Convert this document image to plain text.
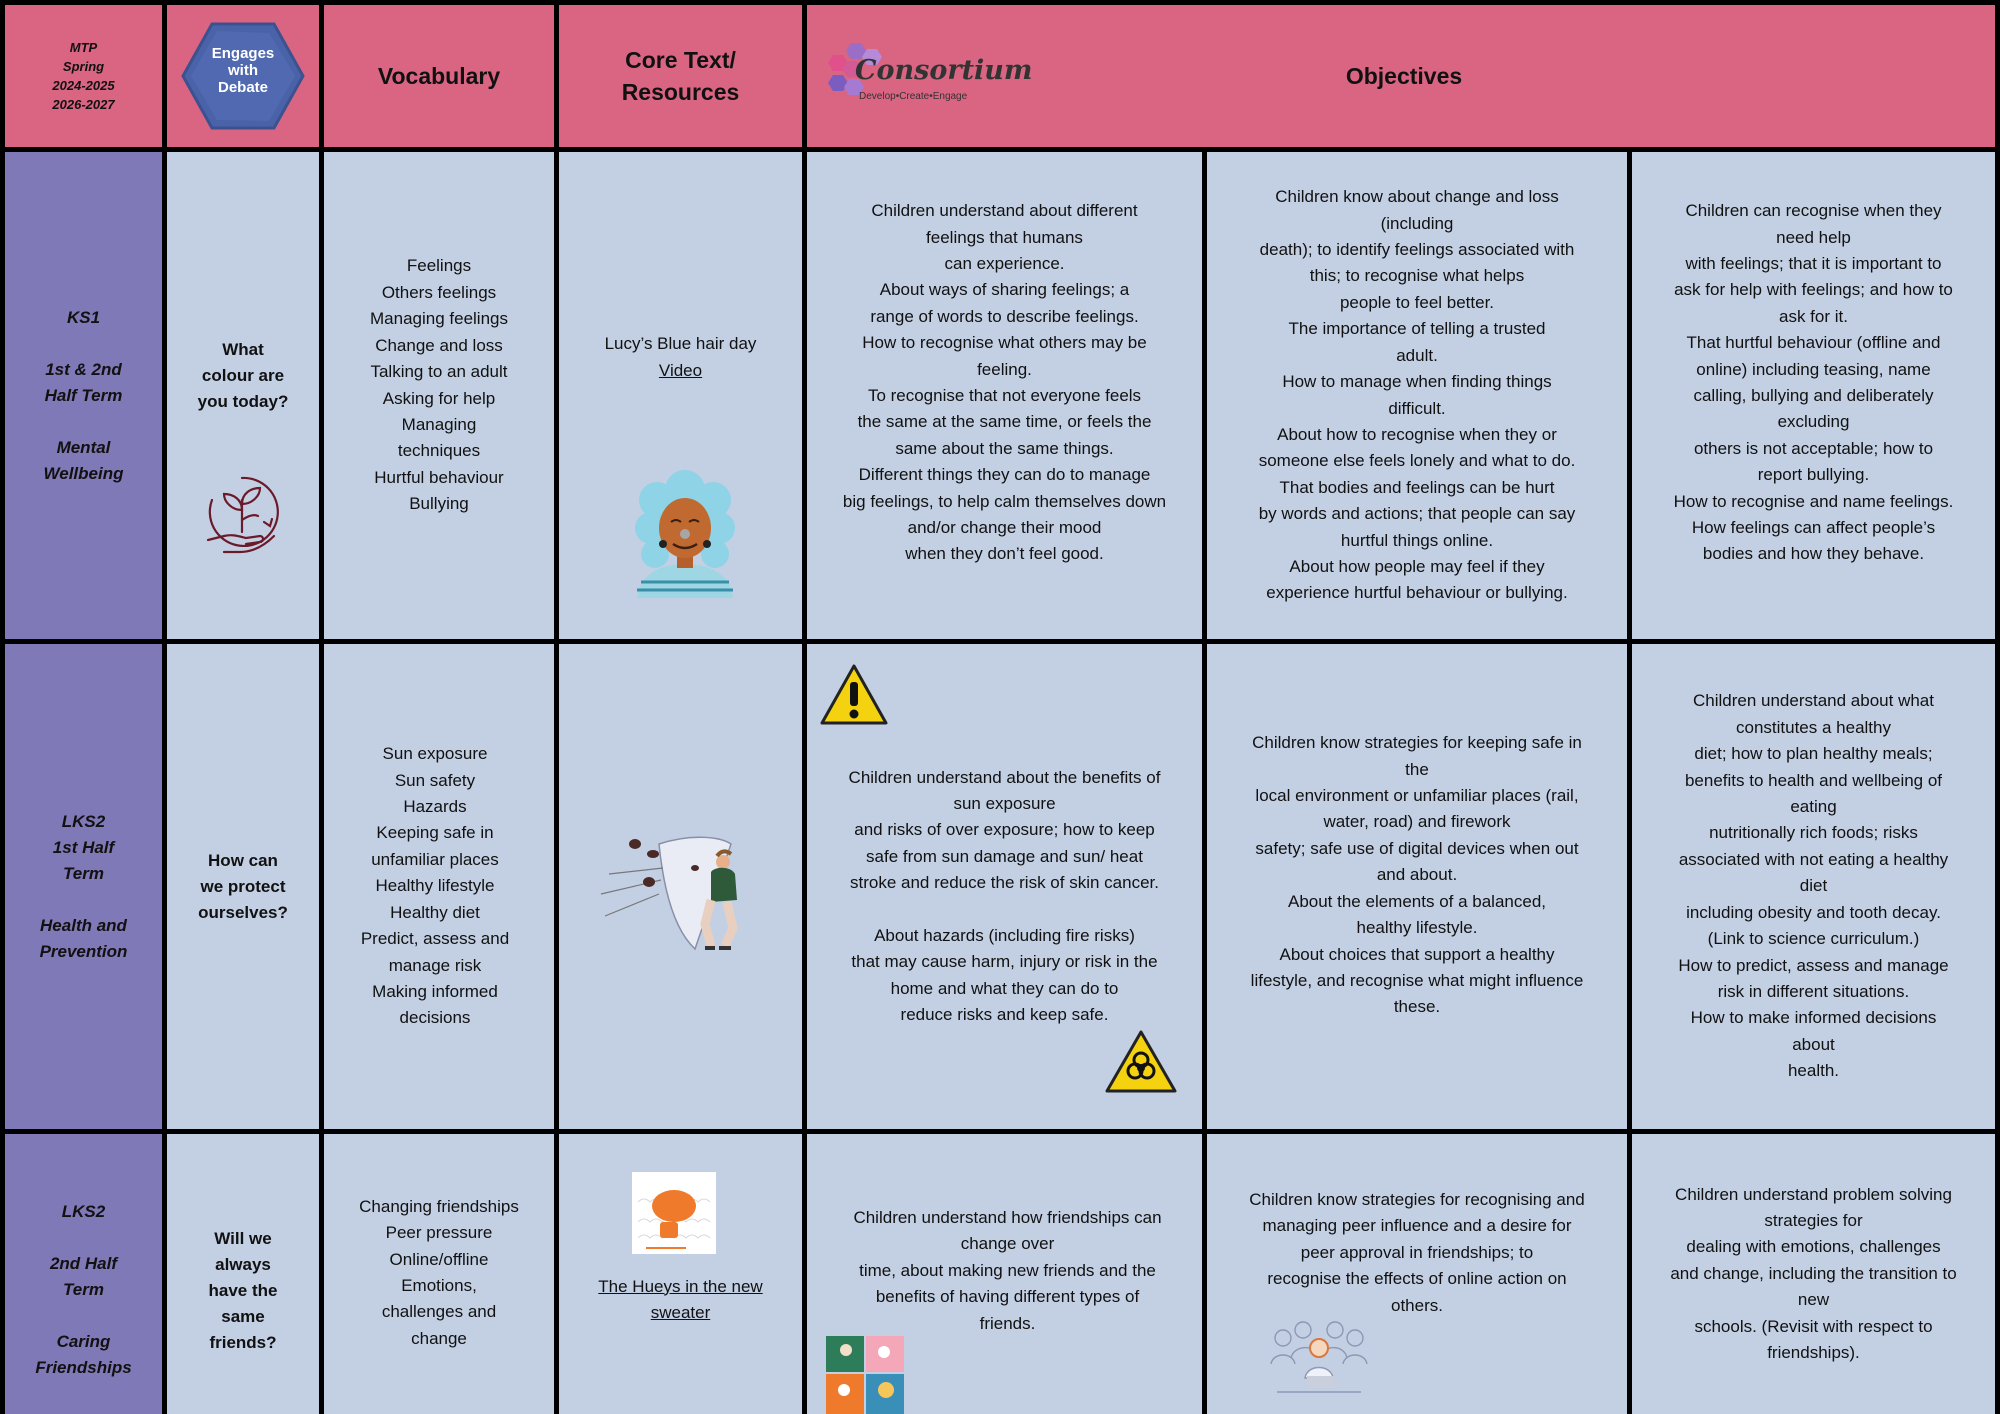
MTP
Spring
2024-2025
2026-2027
Engages
with
Debate	Vocabulary
Core Text/
Resources
Objectives
Consortium
Develop•Create•Engage
KS1
1st & 2nd
Half Term
Mental
Wellbeing
What
colour are
you today?
Feelings
Others feelings
Managing feelings
Change and loss
Talking to an adult
Asking for help
Managing
techniques
Hurtful behaviour
Bullying
Lucy’s Blue hair day
Video
Children understand about different
feelings that humans
can experience.
About ways of sharing feelings; a
range of words to describe feelings.
How to recognise what others may be
feeling.
To recognise that not everyone feels
the same at the same time, or feels the
same about the same things.
Different things they can do to manage
big feelings, to help calm themselves down
and/or change their mood
when they don’t feel good.
Children know about change and loss
(including
death); to identify feelings associated with
this; to recognise what helps
people to feel better.
The importance of telling a trusted
adult.
How to manage when finding things
difficult.
About how to recognise when they or
someone else feels lonely and what to do.
That bodies and feelings can be hurt
by words and actions; that people can say
hurtful things online.
About how people may feel if they
experience hurtful behaviour or bullying.
Children can recognise when they
need help
with feelings; that it is important to
ask for help with feelings; and how to
ask for it.
That hurtful behaviour (offline and
online) including teasing, name
calling, bullying and deliberately
excluding
others is not acceptable; how to
report bullying.
How to recognise and name feelings.
How feelings can affect people’s
bodies and how they behave.
LKS2
1st Half
Term
Health and
Prevention
How can
we protect
ourselves?
Sun exposure
Sun safety
Hazards
Keeping safe in
unfamiliar places
Healthy lifestyle
Healthy diet
Predict, assess and
manage risk
Making informed
decisions
Children understand about the benefits of
sun exposure
and risks of over exposure; how to keep
safe from sun damage and sun/ heat
stroke and reduce the risk of skin cancer.
About hazards (including fire risks)
that may cause harm, injury or risk in the
home and what they can do to
reduce risks and keep safe.
Children know strategies for keeping safe in
the
local environment or unfamiliar places (rail,
water, road) and firework
safety; safe use of digital devices when out
and about.
About the elements of a balanced,
healthy lifestyle.
About choices that support a healthy
lifestyle, and recognise what might influence
these.
Children understand about what
constitutes a healthy
diet; how to plan healthy meals;
benefits to health and wellbeing of
eating
nutritionally rich foods; risks
associated with not eating a healthy
diet
including obesity and tooth decay.
(Link to science curriculum.)
How to predict, assess and manage
risk in different situations.
How to make informed decisions
about
health.
LKS2
2nd Half
Term
Caring
Friendships
Will we
always
have the
same
friends?
Changing friendships
Peer pressure
Online/offline
Emotions,
challenges and
change
The Hueys in the new
sweater
Children understand how friendships can
change over
time, about making new friends and the
benefits of having different types of
friends.
Children know strategies for recognising and
managing peer influence and a desire for
peer approval in friendships; to
recognise the effects of online action on
others.
Children understand problem solving
strategies for
dealing with emotions, challenges
and change, including the transition to
new
schools. (Revisit with respect to
friendships).
